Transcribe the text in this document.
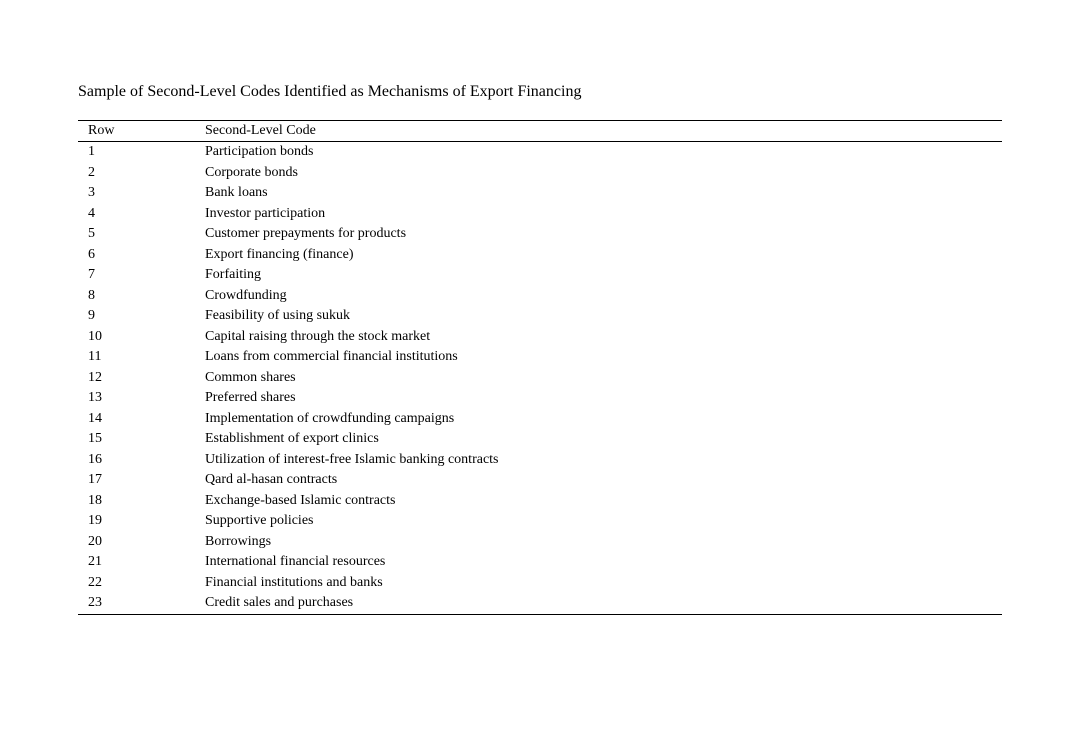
Sample of Second-Level Codes Identified as Mechanisms of Export Financing
Row	Second-Level Code
1	Participation bonds
2	Corporate bonds
3	Bank loans
4	Investor participation
5	Customer prepayments for products
6	Export financing (finance)
7	Forfaiting
8	Crowdfunding
9	Feasibility of using sukuk
10	Capital raising through the stock market
11	Loans from commercial financial institutions
12	Common shares
13	Preferred shares
14	Implementation of crowdfunding campaigns
15	Establishment of export clinics
16	Utilization of interest-free Islamic banking contracts
17	Qard al-hasan contracts
18	Exchange-based Islamic contracts
19	Supportive policies
20	Borrowings
21	International financial resources
22	Financial institutions and banks
23	Credit sales and purchases
